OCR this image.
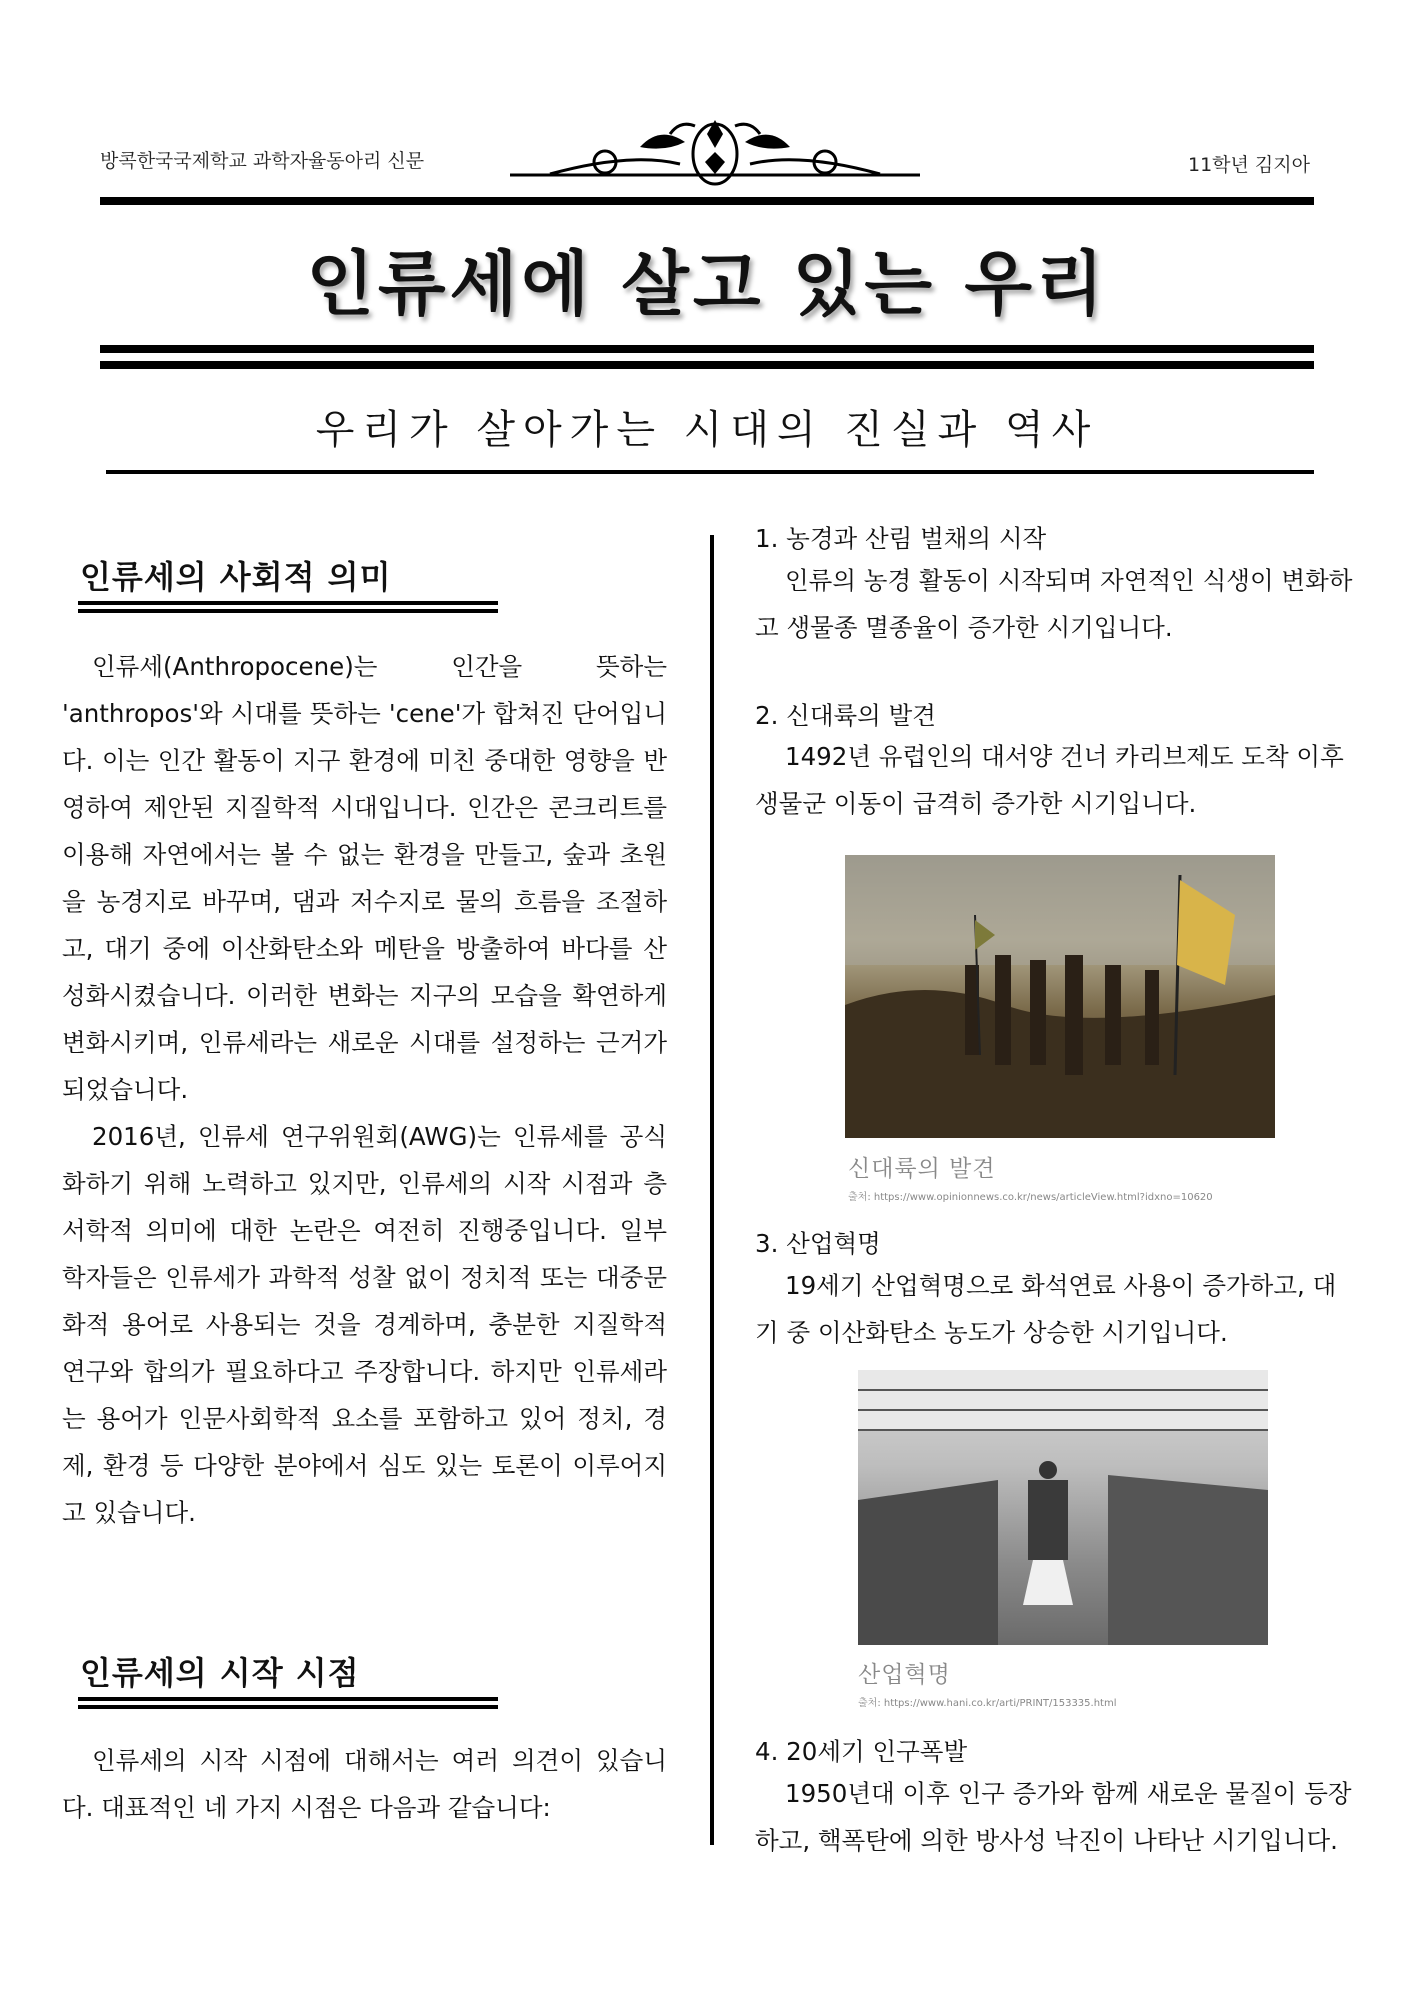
방콕한국국제학교 과학자율동아리 신문	11학년 김지아
인류세에 살고 있는 우리
우리가 살아가는 시대의 진실과 역사
인류세의 사회적 의미

인류세(Anthropocene)는 인간을 뜻하는 'anthropos'와 시대를 뜻하는 'cene'가 합쳐진 단어입니다. 이는 인간 활동이 지구 환경에 미친 중대한 영향을 반영하여 제안된 지질학적 시대입니다. 인간은 콘크리트를 이용해 자연에서는 볼 수 없는 환경을 만들고, 숲과 초원을 농경지로 바꾸며, 댐과 저수지로 물의 흐름을 조절하고, 대기 중에 이산화탄소와 메탄을 방출하여 바다를 산성화시켰습니다. 이러한 변화는 지구의 모습을 확연하게 변화시키며, 인류세라는 새로운 시대를 설정하는 근거가 되었습니다.

2016년, 인류세 연구위원회(AWG)는 인류세를 공식화하기 위해 노력하고 있지만, 인류세의 시작 시점과 층서학적 의미에 대한 논란은 여전히 진행중입니다. 일부 학자들은 인류세가 과학적 성찰 없이 정치적 또는 대중문화적 용어로 사용되는 것을 경계하며, 충분한 지질학적 연구와 합의가 필요하다고 주장합니다. 하지만 인류세라는 용어가 인문사회학적 요소를 포함하고 있어 정치, 경제, 환경 등 다양한 분야에서 심도 있는 토론이 이루어지고 있습니다.

인류세의 시작 시점

인류세의 시작 시점에 대해서는 여러 의견이 있습니다. 대표적인 네 가지 시점은 다음과 같습니다:

1. 농경과 산림 벌채의 시작
인류의 농경 활동이 시작되며 자연적인 식생이 변화하고 생물종 멸종율이 증가한 시기입니다.
2. 신대륙의 발견
1492년 유럽인의 대서양 건너 카리브제도 도착 이후 생물군 이동이 급격히 증가한 시기입니다.
신대륙의 발견
출처: https://www.opinionnews.co.kr/news/articleView.html?idxno=10620
3. 산업혁명
19세기 산업혁명으로 화석연료 사용이 증가하고, 대기 중 이산화탄소 농도가 상승한 시기입니다.
산업혁명
출처: https://www.hani.co.kr/arti/PRINT/153335.html
4. 20세기 인구폭발
1950년대 이후 인구 증가와 함께 새로운 물질이 등장하고, 핵폭탄에 의한 방사성 낙진이 나타난 시기입니다.
